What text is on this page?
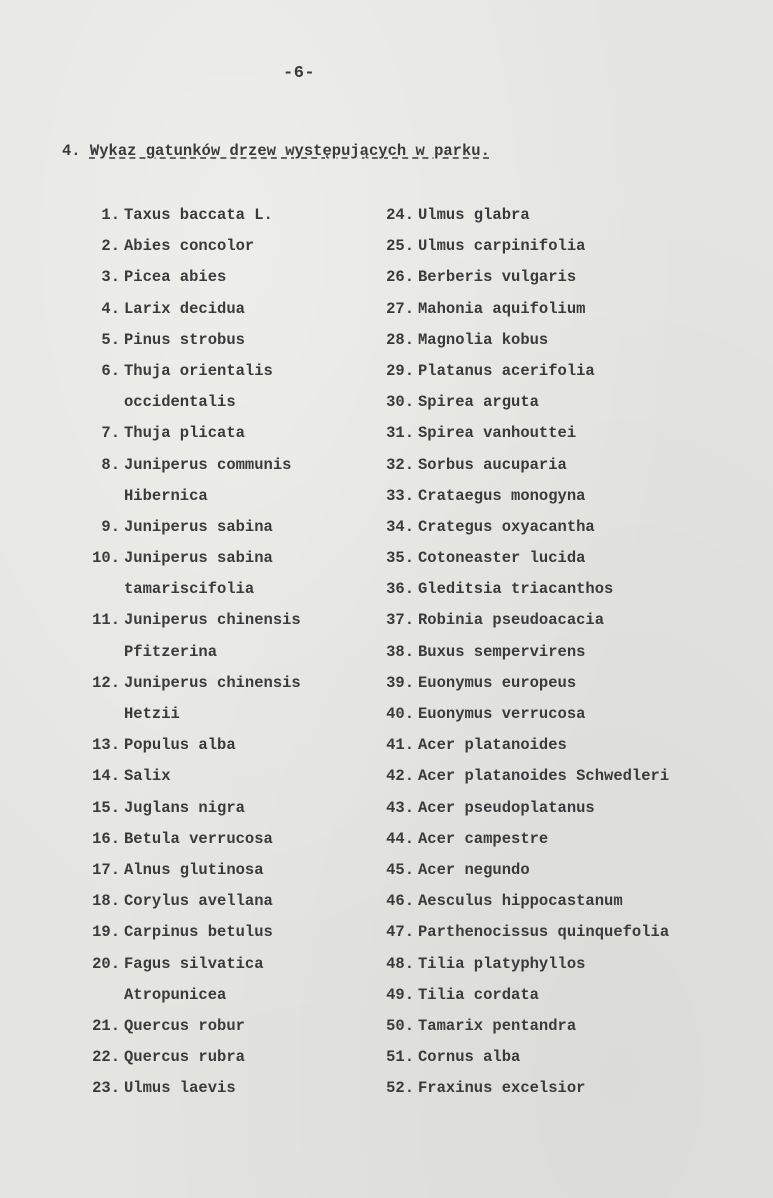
-6-
4. Wykaz gatunków drzew występujących w parku.
1. Taxus baccata L.
2. Abies concolor
3. Picea abies
4. Larix decidua
5. Pinus strobus
6. Thuja orientalis
occidentalis
7. Thuja plicata
8. Juniperus communis
Hibernica
9. Juniperus sabina
10. Juniperus sabina
tamariscifolia
11. Juniperus chinensis
Pfitzerina
12. Juniperus chinensis
Hetzii
13. Populus alba
14. Salix
15. Juglans nigra
16. Betula verrucosa
17. Alnus glutinosa
18. Corylus avellana
19. Carpinus betulus
20. Fagus silvatica
Atropunicea
21. Quercus robur
22. Quercus rubra
23. Ulmus laevis
24. Ulmus glabra
25. Ulmus carpinifolia
26. Berberis vulgaris
27. Mahonia aquifolium
28. Magnolia kobus
29. Platanus acerifolia
30. Spirea arguta
31. Spirea vanhouttei
32. Sorbus aucuparia
33. Crataegus monogyna
34. Crategus oxyacantha
35. Cotoneaster lucida
36. Gleditsia triacanthos
37. Robinia pseudoacacia
38. Buxus sempervirens
39. Euonymus europeus
40. Euonymus verrucosa
41. Acer platanoides
42. Acer platanoides Schwedleri
43. Acer pseudoplatanus
44. Acer campestre
45. Acer negundo
46. Aesculus hippocastanum
47. Parthenocissus quinquefolia
48. Tilia platyphyllos
49. Tilia cordata
50. Tamarix pentandra
51. Cornus alba
52. Fraxinus excelsior
